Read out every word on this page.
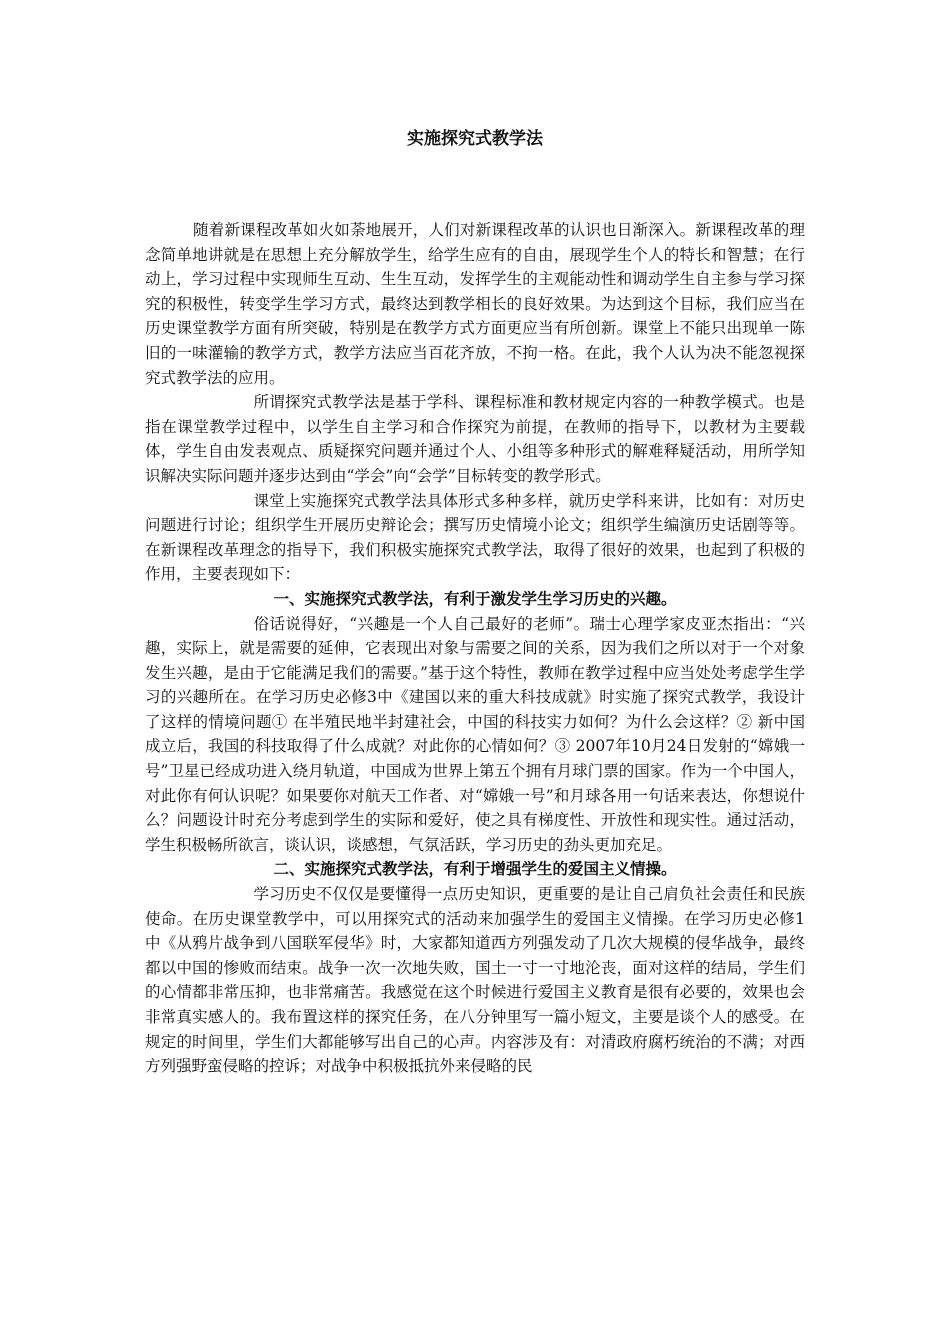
实施探究式教学法

随着新课程改革如火如荼地展开，人们对新课程改革的认识也日渐深入。新课程改革的理念简单地讲就是在思想上充分解放学生，给学生应有的自由，展现学生个人的特长和智慧；在行动上，学习过程中实现师生互动、生生互动，发挥学生的主观能动性和调动学生自主参与学习探究的积极性，转变学生学习方式，最终达到教学相长的良好效果。为达到这个目标，我们应当在历史课堂教学方面有所突破，特别是在教学方式方面更应当有所创新。课堂上不能只出现单一陈旧的一味灌输的教学方式，教学方法应当百花齐放，不拘一格。在此，我个人认为决不能忽视探究式教学法的应用。

所谓探究式教学法是基于学科、课程标准和教材规定内容的一种教学模式。也是指在课堂教学过程中，以学生自主学习和合作探究为前提，在教师的指导下，以教材为主要载体，学生自由发表观点、质疑探究问题并通过个人、小组等多种形式的解难释疑活动，用所学知识解决实际问题并逐步达到由“学会”向“会学”目标转变的教学形式。

课堂上实施探究式教学法具体形式多种多样，就历史学科来讲，比如有：对历史问题进行讨论；组织学生开展历史辩论会；撰写历史情境小论文；组织学生编演历史话剧等等。在新课程改革理念的指导下，我们积极实施探究式教学法，取得了很好的效果，也起到了积极的作用，主要表现如下：

一、实施探究式教学法，有利于激发学生学习历史的兴趣。

俗话说得好，“兴趣是一个人自己最好的老师”。瑞士心理学家皮亚杰指出：“兴趣，实际上，就是需要的延伸，它表现出对象与需要之间的关系，因为我们之所以对于一个对象发生兴趣，是由于它能满足我们的需要。”基于这个特性，教师在教学过程中应当处处考虑学生学习的兴趣所在。在学习历史必修3中《建国以来的重大科技成就》时实施了探究式教学，我设计了这样的情境问题① 在半殖民地半封建社会，中国的科技实力如何？为什么会这样？② 新中国成立后，我国的科技取得了什么成就？对此你的心情如何？③ 2007年10月24日发射的“嫦娥一号”卫星已经成功进入绕月轨道，中国成为世界上第五个拥有月球门票的国家。作为一个中国人，对此你有何认识呢？如果要你对航天工作者、对“嫦娥一号”和月球各用一句话来表达，你想说什么？问题设计时充分考虑到学生的实际和爱好，使之具有梯度性、开放性和现实性。通过活动，学生积极畅所欲言，谈认识，谈感想，气氛活跃，学习历史的劲头更加充足。

二、实施探究式教学法，有利于增强学生的爱国主义情操。

学习历史不仅仅是要懂得一点历史知识，更重要的是让自己肩负社会责任和民族使命。在历史课堂教学中，可以用探究式的活动来加强学生的爱国主义情操。在学习历史必修1中《从鸦片战争到八国联军侵华》时，大家都知道西方列强发动了几次大规模的侵华战争，最终都以中国的惨败而结束。战争一次一次地失败，国土一寸一寸地沦丧，面对这样的结局，学生们的心情都非常压抑，也非常痛苦。我感觉在这个时候进行爱国主义教育是很有必要的，效果也会非常真实感人的。我布置这样的探究任务，在八分钟里写一篇小短文，主要是谈个人的感受。在规定的时间里，学生们大都能够写出自己的心声。内容涉及有：对清政府腐朽统治的不满；对西方列强野蛮侵略的控诉；对战争中积极抵抗外来侵略的民
